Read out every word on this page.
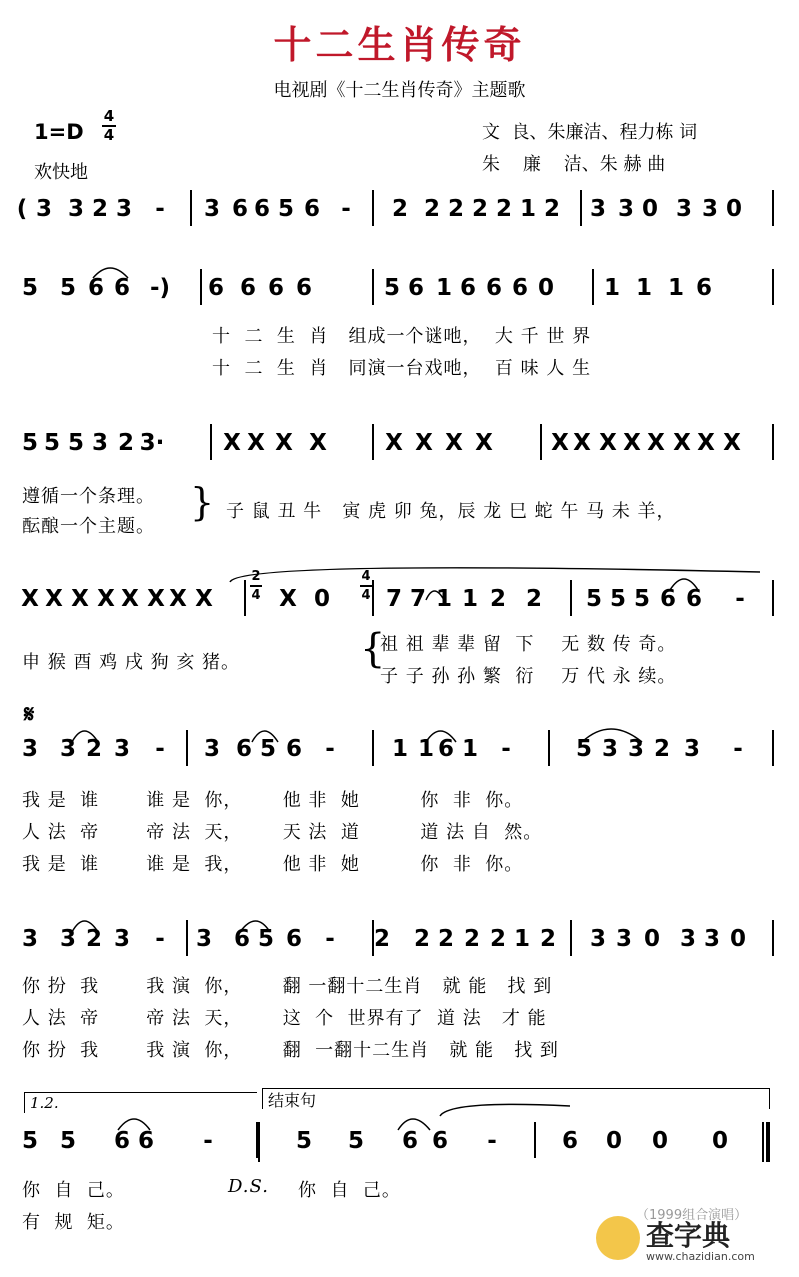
十二生肖传奇
电视剧《十二生肖传奇》主题歌
1=D
4
4
欢快地
文  良、朱廉洁、程力栋 词
朱    廉    洁、朱 赫 曲
( 3 3 2 3 - 3 6 6 5 6 - 2 2 2 2 2 1 2 3 3 0 3 3 0
5 5 6 6 -) 6 6 6 6	5 6 1 6 6 6 0 1 1 1 6
5 5 5 3 2 3·	X X X X	X X X X	X X X X X X X X
X X X X X X X X	X 0 7 7 1 1 2 2 5 5 5 6 6 -
3 3 2 3 - 3 6 5 6 - 1 1 6 1 -	5 3 3 2 3 -
3 3 2 3 - 3 6 5 6 - 2 2 2 2 2 1 2 3 3 0 3 3 0
5 5 6 6 -	5 5 6 6 -	6 0 0 0
十  二  生  肖   组成一个谜吔，  大 千 世 界
十  二  生  肖   同演一台戏吔，  百 味 人 生
遵循一个条理。
酝酿一个主题。
} 子 鼠 丑 牛   寅 虎 卯 兔，辰 龙 巳 蛇 午 马 未 羊，
申 猴 酉 鸡 戌 狗 亥 猪。	{
祖 祖 辈 辈 留  下    无 数 传 奇。
子 子 孙 孙 繁  衍    万 代 永 续。
𝄋
我 是  谁       谁 是  你，      他 非  她         你  非  你。
人 法  帝       帝 法  天，      天 法  道         道 法 自  然。
我 是  谁       谁 是  我，      他 非  她         你  非  你。
你 扮  我       我 演  你，      翻 一翻十二生肖   就 能   找 到
人 法  帝       帝 法  天，      这  个  世界有了  道 法   才 能
你 扮  我       我 演  你，      翻  一翻十二生肖   就 能   找 到
1.2.	结束句
你  自  己。	D.S. 你  自  己。
有  规  矩。	（1999组合演唱）
查字典
www.chazidian.com
2
4
4
4
